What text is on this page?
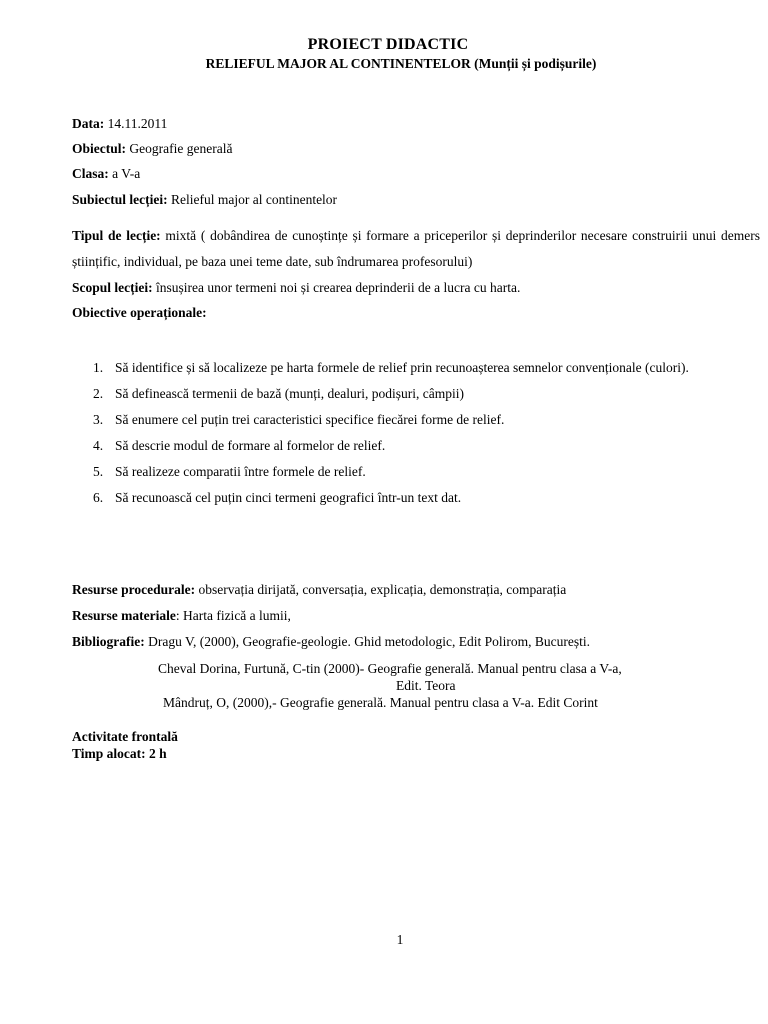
PROIECT DIDACTIC
RELIEFUL MAJOR AL CONTINENTELOR (Munții și podișurile)
Data: 14.11.2011
Obiectul: Geografie generală
Clasa: a V-a
Subiectul lecției: Relieful major al continentelor
Tipul de lecție: mixtă ( dobândirea de cunoștințe și formare a priceperilor și deprinderilor necesare construirii unui demers științific, individual, pe baza unei teme date, sub îndrumarea profesorului)
Scopul lecției: însușirea unor termeni noi și crearea deprinderii de a lucra cu harta.
Obiective operaționale:
1. Să identifice și să localizeze pe harta formele de relief prin recunoașterea semnelor convenționale (culori).
2. Să definească termenii de bază (munți, dealuri, podișuri, câmpii)
3. Să enumere cel puțin trei caracteristici specifice fiecărei forme de relief.
4. Să descrie modul de formare al formelor de relief.
5. Să realizeze comparatii între formele de relief.
6. Să recunoască cel puțin cinci termeni geografici într-un text dat.
Resurse procedurale: observația dirijată, conversația, explicația, demonstrația, comparația
Resurse materiale: Harta fizică a lumii,
Bibliografie: Dragu V, (2000), Geografie-geologie. Ghid metodologic, Edit Polirom, București.
Cheval Dorina, Furtună, C-tin (2000)- Geografie generală. Manual pentru clasa a V-a,
Edit. Teora
Mândruț, O, (2000),- Geografie generală. Manual pentru clasa a V-a. Edit Corint
Activitate frontală
Timp alocat: 2 h
1
